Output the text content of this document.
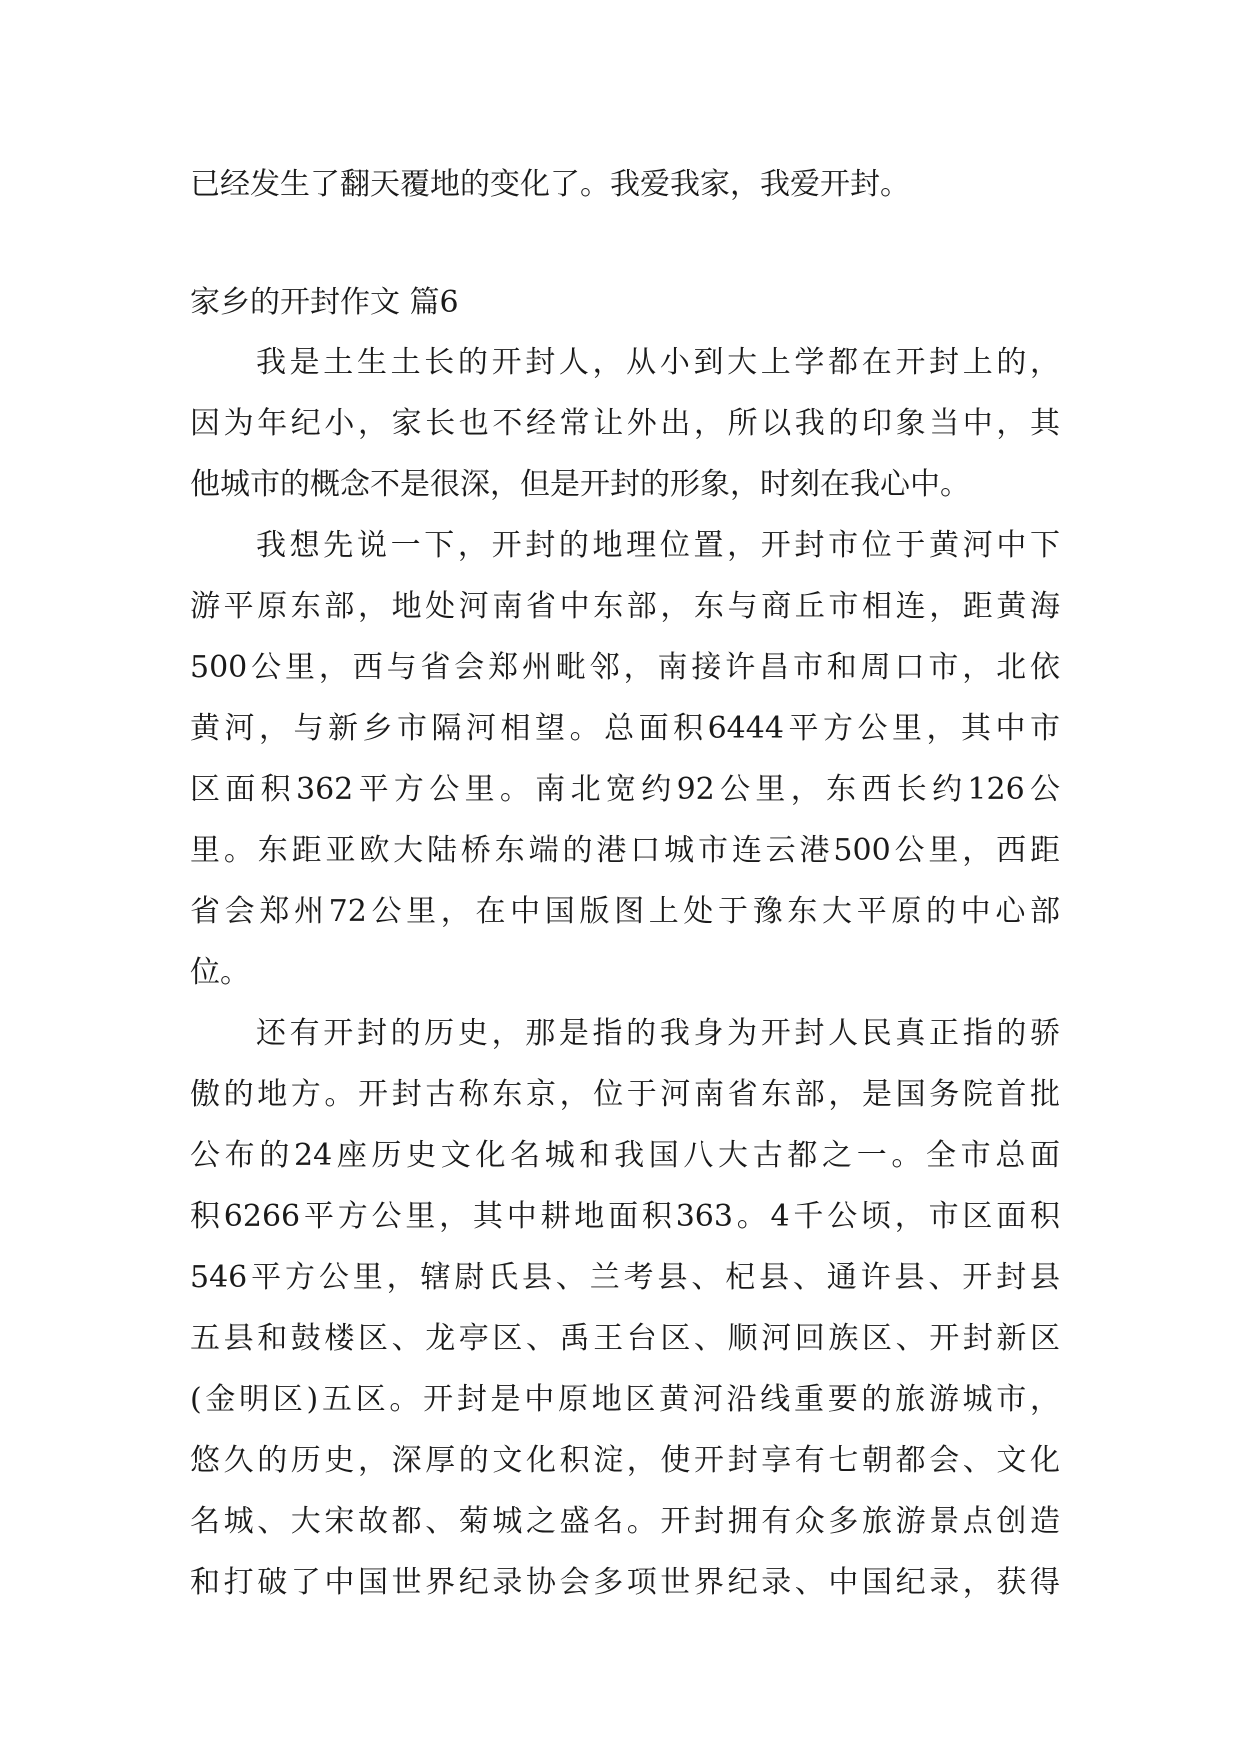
已经发生了翻天覆地的变化了。我爱我家，我爱开封。
家乡的开封作文 篇6
我是土生土长的开封人，从小到大上学都在开封上的，
因为年纪小，家长也不经常让外出，所以我的印象当中，其
他城市的概念不是很深，但是开封的形象，时刻在我心中。
我想先说一下，开封的地理位置，开封市位于黄河中下
游平原东部，地处河南省中东部，东与商丘市相连，距黄海
500公里，西与省会郑州毗邻，南接许昌市和周口市，北依
黄河，与新乡市隔河相望。总面积6444平方公里，其中市
区面积362平方公里。南北宽约92公里，东西长约126公
里。东距亚欧大陆桥东端的港口城市连云港500公里，西距
省会郑州72公里，在中国版图上处于豫东大平原的中心部
位。
还有开封的历史，那是指的我身为开封人民真正指的骄
傲的地方。开封古称东京，位于河南省东部，是国务院首批
公布的24座历史文化名城和我国八大古都之一。全市总面
积6266平方公里，其中耕地面积363。4千公顷，市区面积
546平方公里，辖尉氏县、兰考县、杞县、通许县、开封县
五县和鼓楼区、龙亭区、禹王台区、顺河回族区、开封新区
(金明区)五区。开封是中原地区黄河沿线重要的旅游城市，
悠久的历史，深厚的文化积淀，使开封享有七朝都会、文化
名城、大宋故都、菊城之盛名。开封拥有众多旅游景点创造
和打破了中国世界纪录协会多项世界纪录、中国纪录，获得
